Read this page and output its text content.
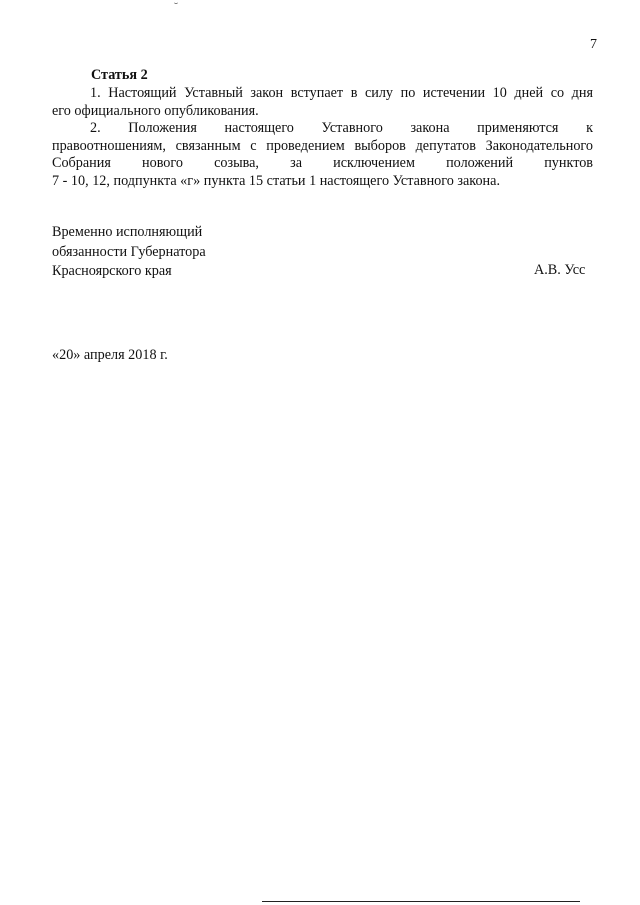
7

Статья 2

1. Настоящий Уставный закон вступает в силу по истечении 10 дней со дня
его официального опубликования.

2. Положения настоящего Уставного закона применяются к
правоотношениям, связанным с проведением выборов депутатов Законодательного
Собрания нового созыва, за исключением положений пунктов
7 - 10, 12, подпункта «г» пункта 15 статьи 1 настоящего Уставного закона.

Временно исполняющий
обязанности Губернатора
Красноярского края	А.В. Усс

«20» апреля 2018 г.
